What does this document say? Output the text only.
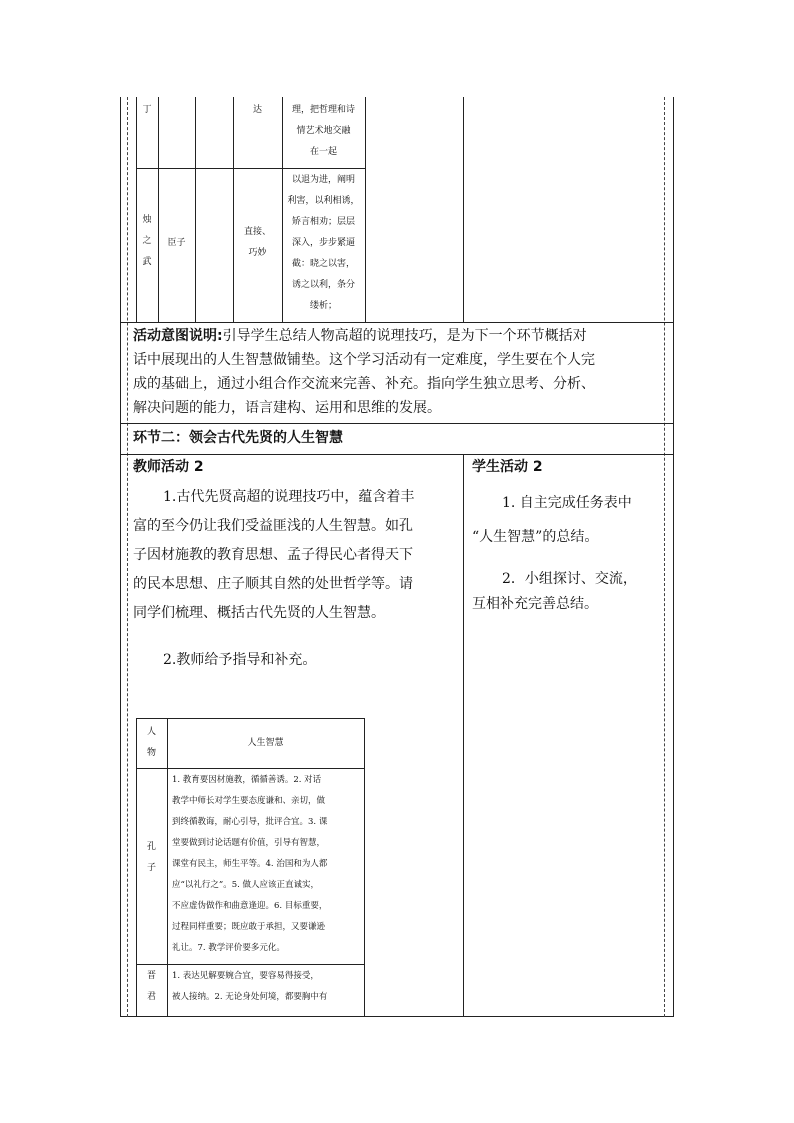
丁	达	理，把哲理和诗
情艺术地交融
在一起
烛
之
武
臣子
直接、
巧妙
以退为进，阐明
利害，以利相诱，
矫言相劝；层层
深入，步步紧逼
截：晓之以害，
诱之以利，条分
缕析；
活动意图说明:引导学生总结人物高超的说理技巧，是为下一个环节概括对
话中展现出的人生智慧做铺垫。这个学习活动有一定难度，学生要在个人完
成的基础上，通过小组合作交流来完善、补充。指向学生独立思考、分析、
解决问题的能力，语言建构、运用和思维的发展。
环节二：领会古代先贤的人生智慧
教师活动 2
1.古代先贤高超的说理技巧中，蕴含着丰
富的至今仍让我们受益匪浅的人生智慧。如孔
子因材施教的教育思想、孟子得民心者得天下
的民本思想、庄子顺其自然的处世哲学等。请
同学们梳理、概括古代先贤的人生智慧。
2.教师给予指导和补充。
学生活动 2
1. 自主完成任务表中
“人生智慧”的总结。
2．小组探讨、交流，
互相补充完善总结。
人
物
人生智慧
孔
子
1. 教育要因材施教，循循善诱。2. 对话
教学中师长对学生要态度谦和、亲切，做
到终循教诲，耐心引导，批评合宜。3. 课
堂要做到讨论话题有价值，引导有智慧，
课堂有民主，师生平等。4. 治国和为人都
应“以礼行之”。5. 做人应该正直诚实，
不应虚伪做作和曲意逢迎。6. 目标重要，
过程同样重要；既应敢于承担，又要谦逊
礼让。7. 教学评价要多元化。
晋
君
1. 表达见解要婉合宜，要容易得接受，
被人接纳。2. 无论身处何境，都要胸中有
